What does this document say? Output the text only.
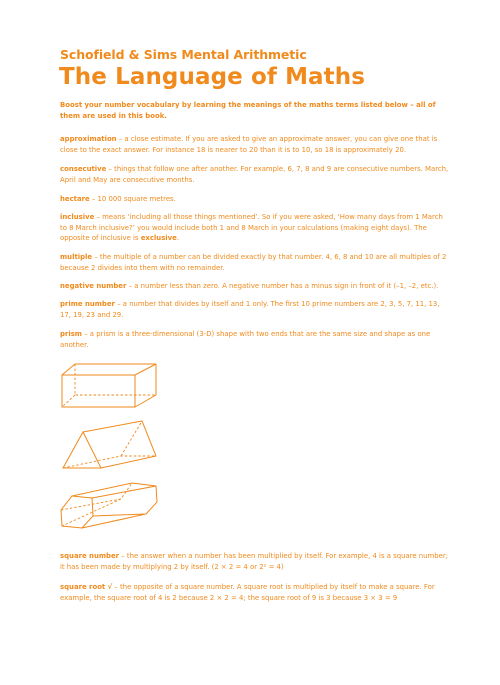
Schofield & Sims Mental Arithmetic
The Language of Maths
Boost your number vocabulary by learning the meanings of the maths terms listed below – all of them are used in this book.
approximation – a close estimate. If you are asked to give an approximate answer, you can give one that is close to the exact answer. For instance 18 is nearer to 20 than it is to 10, so 18 is approximately 20.
consecutive – things that follow one after another. For example, 6, 7, 8 and 9 are consecutive numbers. March, April and May are consecutive months.
hectare – 10 000 square metres.
inclusive – means ‘including all those things mentioned’. So if you were asked, ‘How many days from 1 March to 8 March inclusive?’ you would include both 1 and 8 March in your calculations (making eight days). The opposite of inclusive is exclusive.
multiple – the multiple of a number can be divided exactly by that number. 4, 6, 8 and 10 are all multiples of 2 because 2 divides into them with no remainder.
negative number – a number less than zero. A negative number has a minus sign in front of it (–1, –2, etc.).
prime number – a number that divides by itself and 1 only. The first 10 prime numbers are 2, 3, 5, 7, 11, 13, 17, 19, 23 and 29.
prism – a prism is a three-dimensional (3-D) shape with two ends that are the same size and shape as one another.
square number – the answer when a number has been multiplied by itself. For example, 4 is a square number; it has been made by multiplying 2 by itself. (2 × 2 = 4 or 2² = 4)
square root √ – the opposite of a square number. A square root is multiplied by itself to make a square. For example, the square root of 4 is 2 because 2 × 2 = 4; the square root of 9 is 3 because 3 × 3 = 9
